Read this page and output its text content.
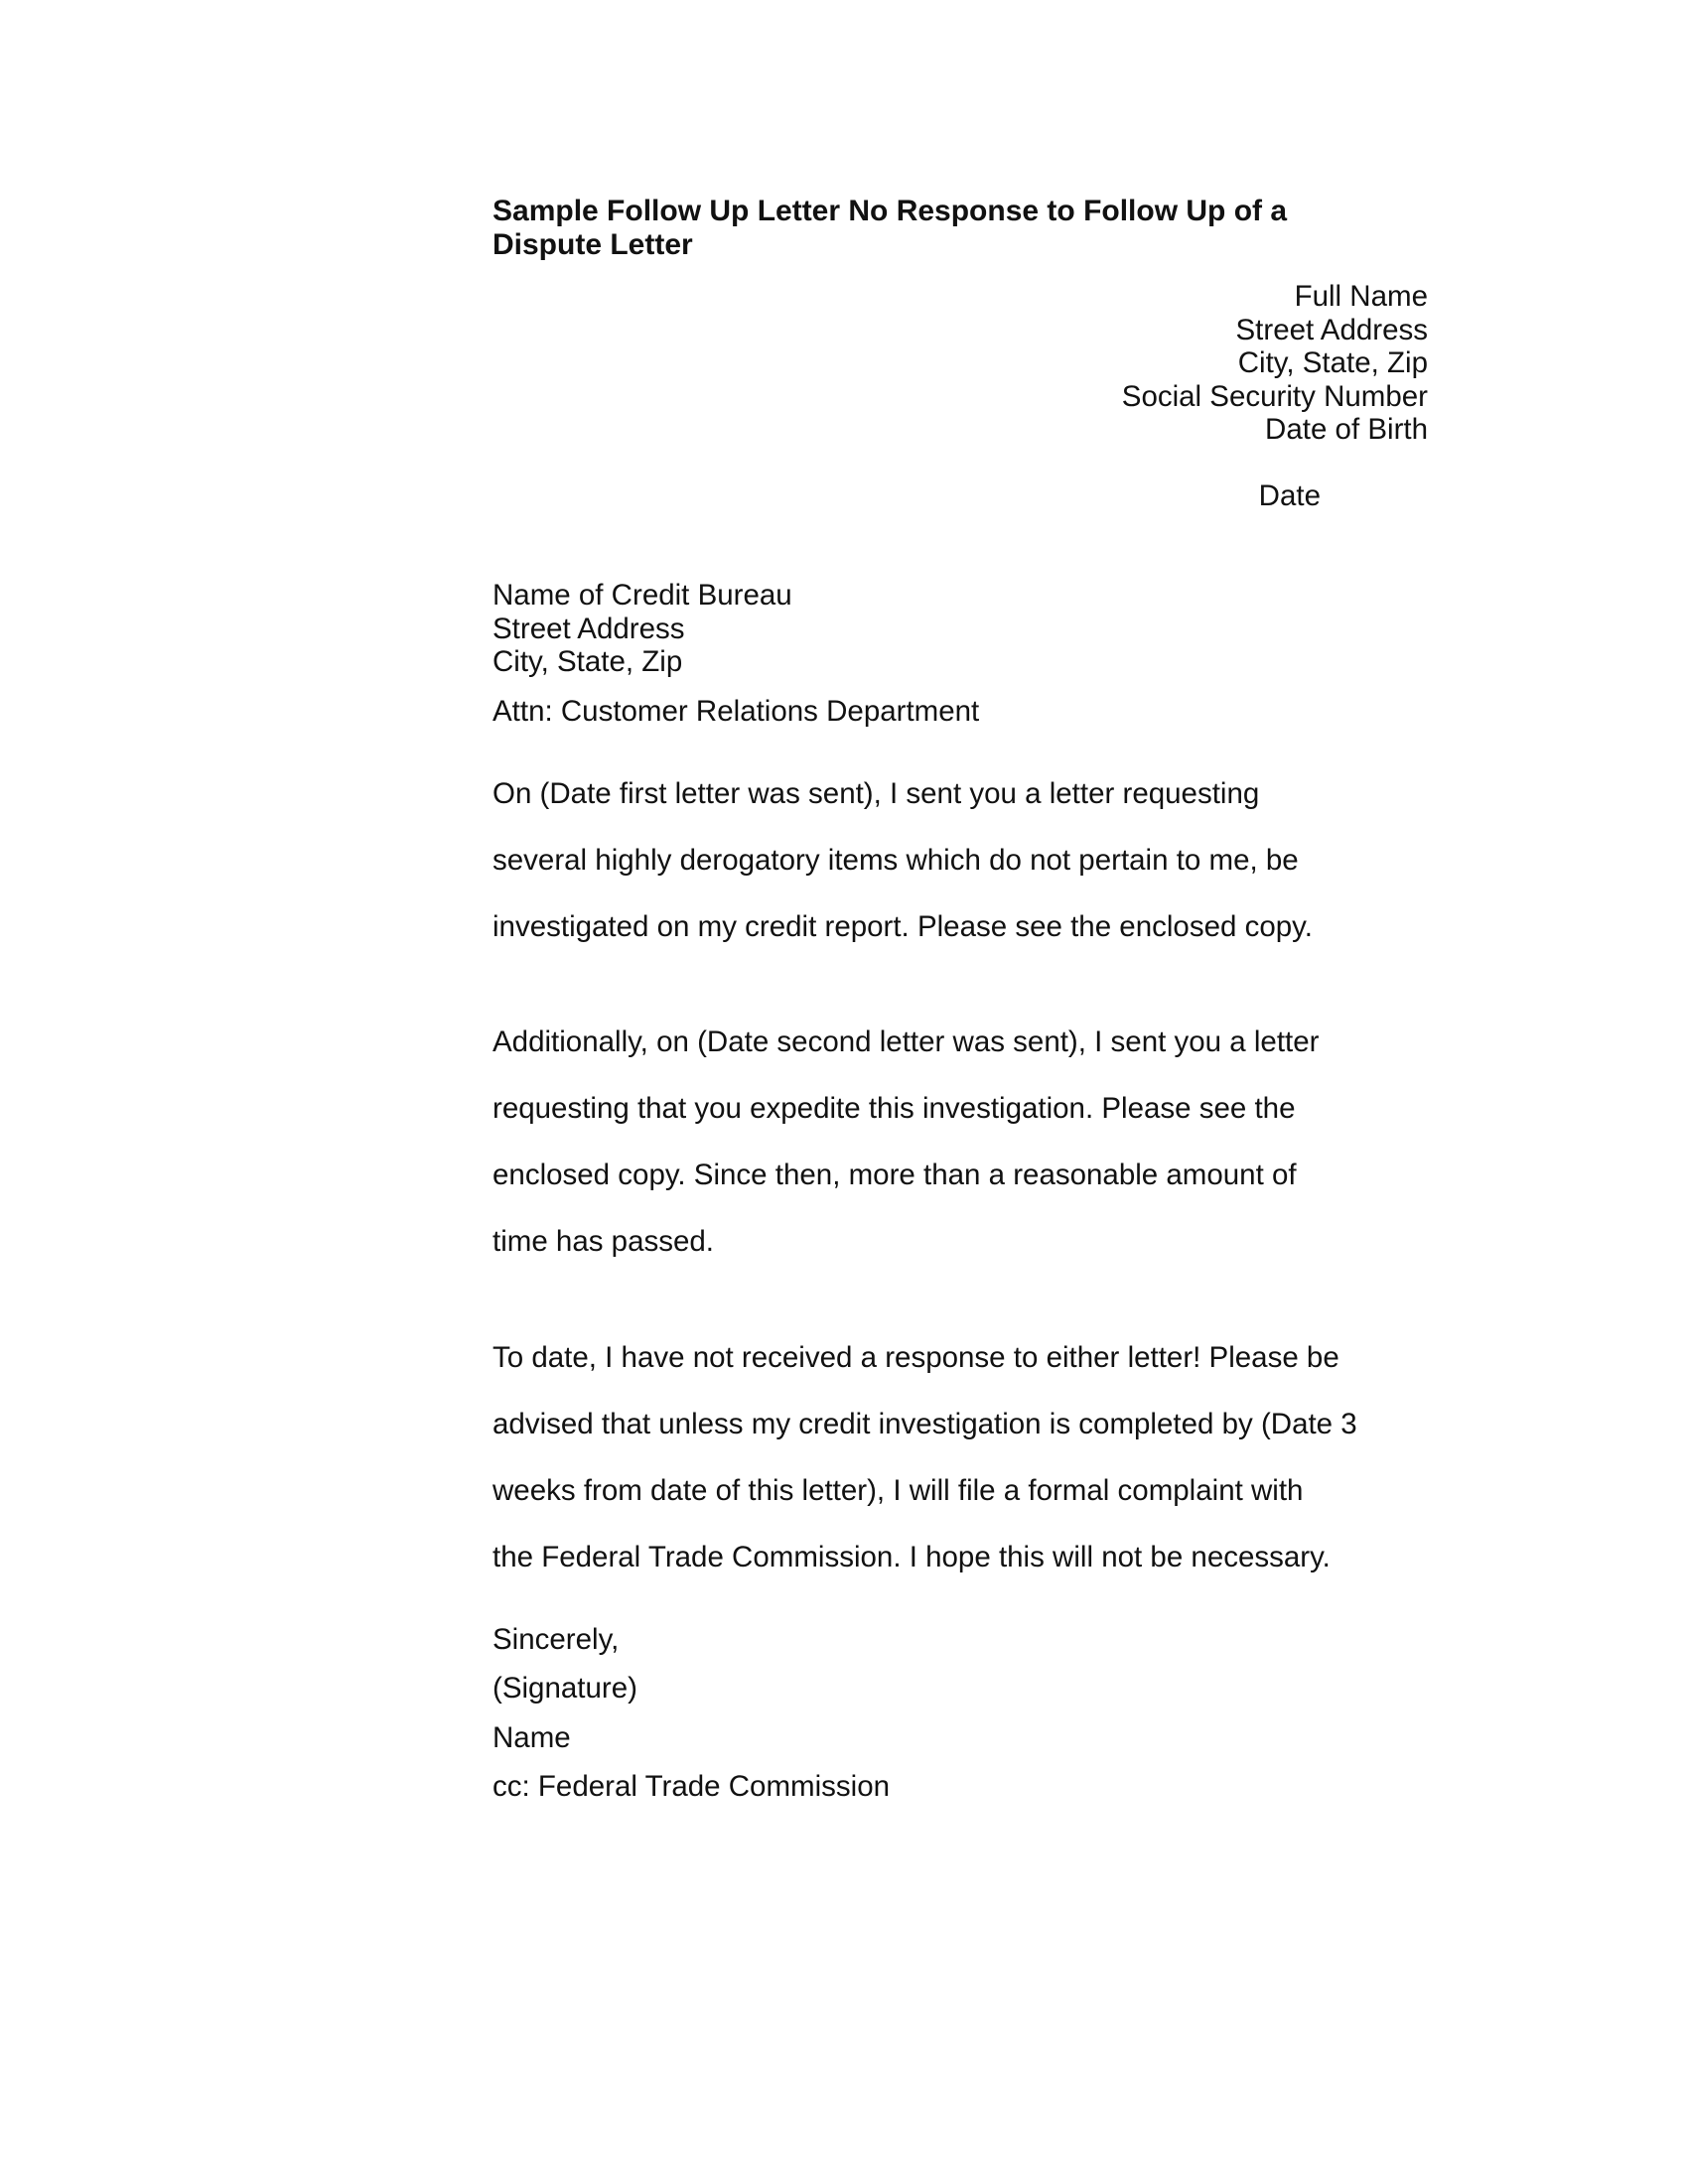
Sample Follow Up Letter No Response to Follow Up of a
Dispute Letter
Full Name
Street Address
City, State, Zip
Social Security Number
Date of Birth
Date
Name of Credit Bureau
Street Address
City, State, Zip
Attn: Customer Relations Department

On (Date first letter was sent), I sent you a letter requesting

several highly derogatory items which do not pertain to me, be

investigated on my credit report. Please see the enclosed copy.

Additionally, on (Date second letter was sent), I sent you a letter

requesting that you expedite this investigation. Please see the

enclosed copy. Since then, more than a reasonable amount of

time has passed.

To date, I have not received a response to either letter! Please be

advised that unless my credit investigation is completed by (Date 3

weeks from date of this letter), I will file a formal complaint with

the Federal Trade Commission. I hope this will not be necessary.

Sincerely,
(Signature)
Name
cc: Federal Trade Commission
